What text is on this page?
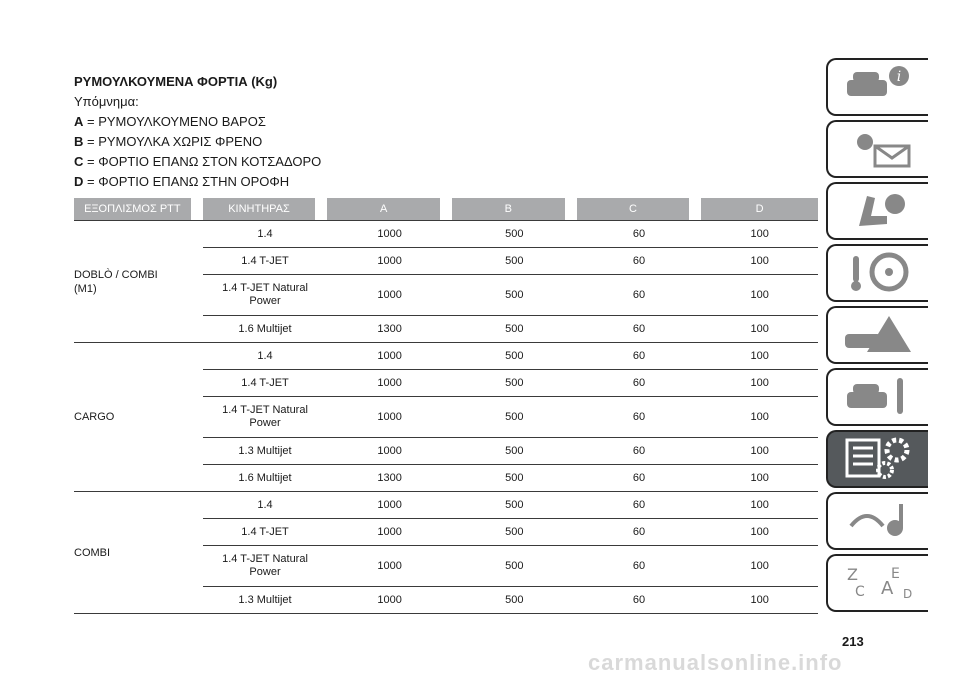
ΡΥΜΟΥΛΚΟΥΜΕΝΑ ΦΟΡΤΙΑ (Kg)
Υπόμνημα:
A = ΡΥΜΟΥΛΚΟΥΜΕΝΟ ΒΑΡΟΣ
B = ΡΥΜΟΥΛΚΑ ΧΩΡΙΣ ΦΡΕΝΟ
C = ΦΟΡΤΙΟ ΕΠΑΝΩ ΣΤΟΝ ΚΟΤΣΑΔΟΡΟ
D = ΦΟΡΤΙΟ ΕΠΑΝΩ ΣΤΗΝ ΟΡΟΦΗ
ΕΞΟΠΛΙΣΜΟΣ ΡΤΤ	ΚΙΝΗΤΗΡΑΣ	A	B	C	D
DOBLÒ / COMBI
(M1)	1.4	1000	500	60	100
	1.4 T-JET	1000	500	60	100
	1.4 T-JET Natural
Power	1000	500	60	100
	1.6 Multijet	1300	500	60	100
CARGO	1.4	1000	500	60	100
	1.4 T-JET	1000	500	60	100
	1.4 T-JET Natural
Power	1000	500	60	100
	1.3 Multijet	1000	500	60	100
	1.6 Multijet	1300	500	60	100
COMBI	1.4	1000	500	60	100
	1.4 T-JET	1000	500	60	100
	1.4 T-JET Natural
Power	1000	500	60	100
	1.3 Multijet	1000	500	60	100
i
Z E
A
C	D
213
carmanualsonline.info
